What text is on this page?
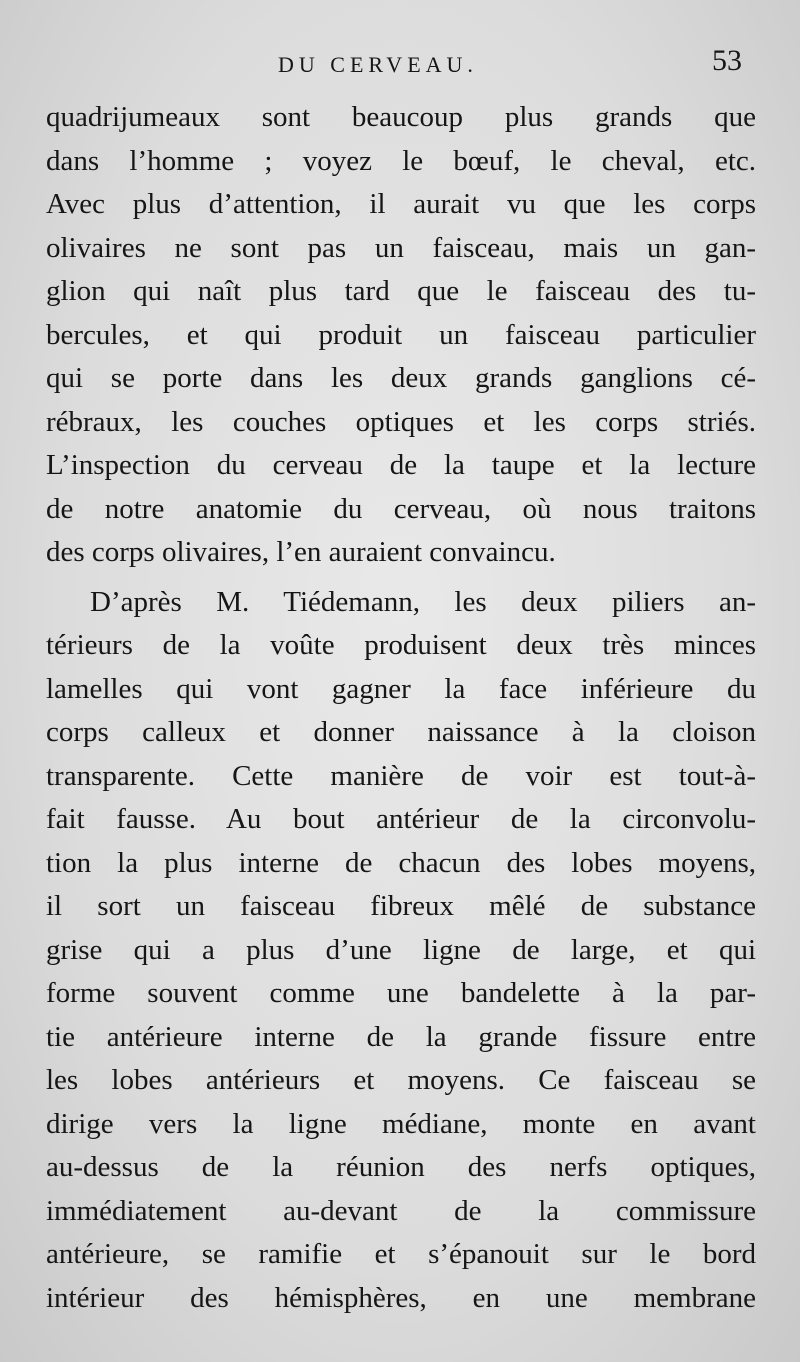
DU CERVEAU.	53
quadrijumeaux sont beaucoup plus grands que
dans l’homme ; voyez le bœuf, le cheval, etc.
Avec plus d’attention, il aurait vu que les corps
olivaires ne sont pas un faisceau, mais un gan-
glion qui naît plus tard que le faisceau des tu-
bercules, et qui produit un faisceau particulier
qui se porte dans les deux grands ganglions cé-
rébraux, les couches optiques et les corps striés.
L’inspection du cerveau de la taupe et la lecture
de notre anatomie du cerveau, où nous traitons
des corps olivaires, l’en auraient convaincu.
D’après M. Tiédemann, les deux piliers an-
térieurs de la voûte produisent deux très minces
lamelles qui vont gagner la face inférieure du
corps calleux et donner naissance à la cloison
transparente. Cette manière de voir est tout-à-
fait fausse. Au bout antérieur de la circonvolu-
tion la plus interne de chacun des lobes moyens,
il sort un faisceau fibreux mêlé de substance
grise qui a plus d’une ligne de large, et qui
forme souvent comme une bandelette à la par-
tie antérieure interne de la grande fissure entre
les lobes antérieurs et moyens. Ce faisceau se
dirige vers la ligne médiane, monte en avant
au-dessus de la réunion des nerfs optiques,
immédiatement au-devant de la commissure
antérieure, se ramifie et s’épanouit sur le bord
intérieur des hémisphères, en une membrane
